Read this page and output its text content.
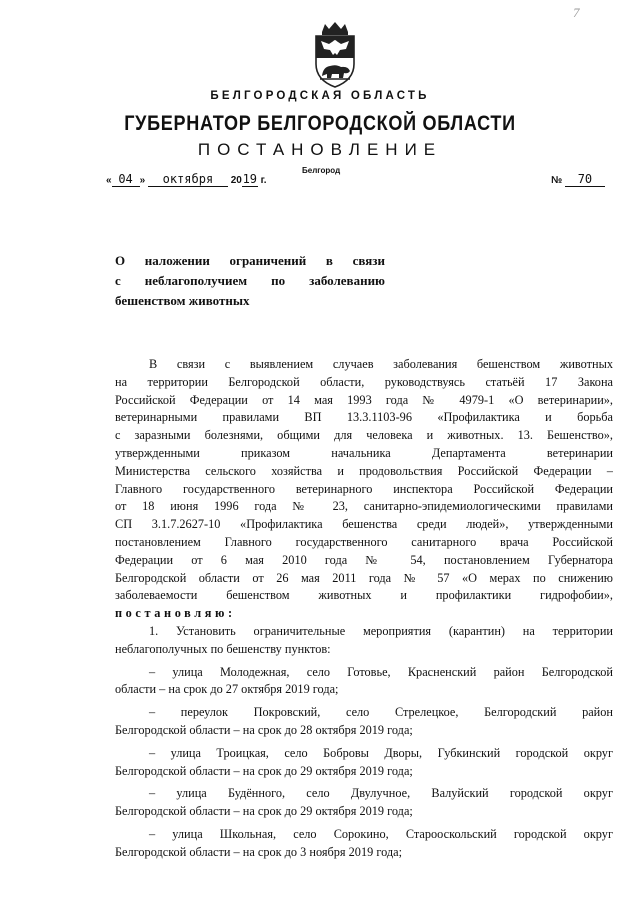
7
БЕЛГОРОДСКАЯ ОБЛАСТЬ
ГУБЕРНАТОР БЕЛГОРОДСКОЙ ОБЛАСТИ
ПОСТАНОВЛЕНИЕ
Белгород
« 04 » октября 2019 г.	№ 70
О наложении ограничений в связи
с неблагополучием по заболеванию
бешенством животных
В связи с выявлением случаев заболевания бешенством животных
на территории Белгородской области, руководствуясь статьёй 17 Закона
Российской Федерации от 14 мая 1993 года № 4979-1 «О ветеринарии»,
ветеринарными правилами ВП 13.3.1103-96 «Профилактика и борьба
с заразными болезнями, общими для человека и животных. 13. Бешенство»,
утвержденными приказом начальника Департамента ветеринарии
Министерства сельского хозяйства и продовольствия Российской Федерации –
Главного государственного ветеринарного инспектора Российской Федерации
от 18 июня 1996 года № 23, санитарно-эпидемиологическими правилами
СП 3.1.7.2627-10 «Профилактика бешенства среди людей», утвержденными
постановлением Главного государственного санитарного врача Российской
Федерации от 6 мая 2010 года № 54, постановлением Губернатора
Белгородской области от 26 мая 2011 года № 57 «О мерах по снижению
заболеваемости бешенством животных и профилактики гидрофобии»,
постановляю:
1. Установить ограничительные мероприятия (карантин) на территории
неблагополучных по бешенству пунктов:
– улица Молодежная, село Готовье, Красненский район Белгородской
области – на срок до 27 октября 2019 года;
– переулок Покровский, село Стрелецкое, Белгородский район
Белгородской области – на срок до 28 октября 2019 года;
– улица Троицкая, село Бобровы Дворы, Губкинский городской округ
Белгородской области – на срок до 29 октября 2019 года;
– улица Будённого, село Двулучное, Валуйский городской округ
Белгородской области – на срок до 29 октября 2019 года;
– улица Школьная, село Сорокино, Старооскольский городской округ
Белгородской области – на срок до 3 ноября 2019 года;
